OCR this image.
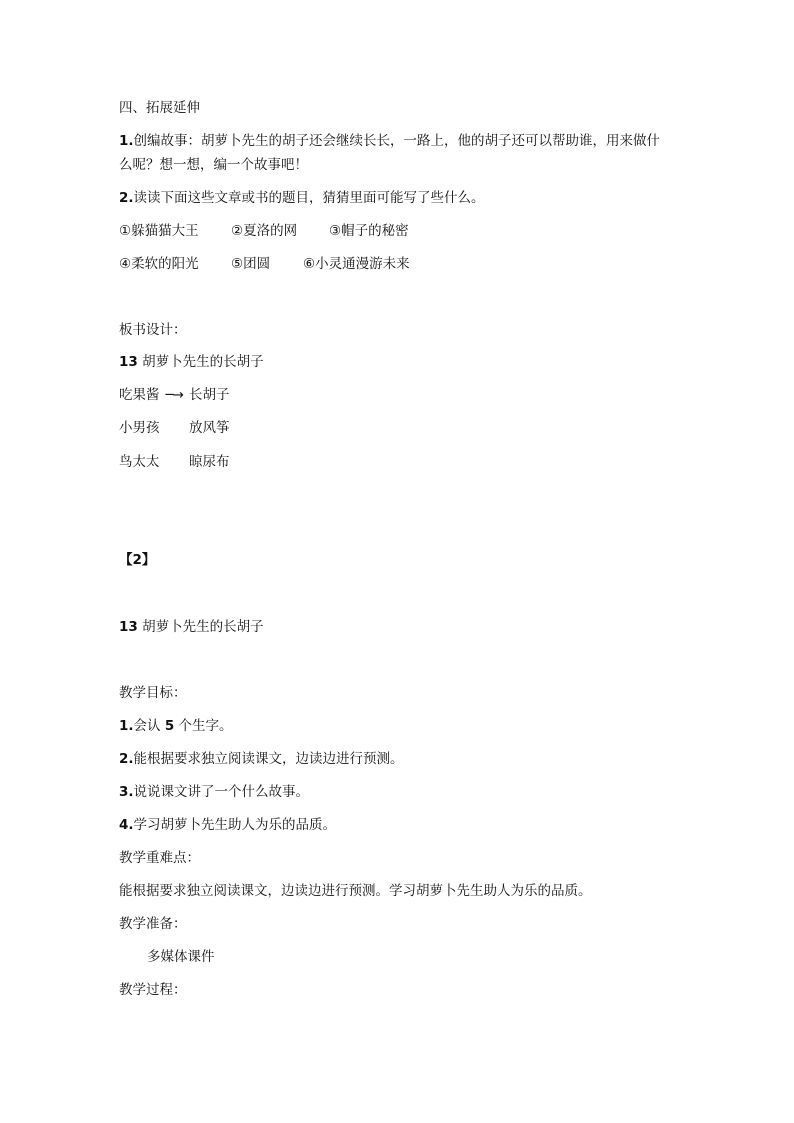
四、拓展延伸
1.创编故事：胡萝卜先生的胡子还会继续长长，一路上，他的胡子还可以帮助谁，用来做什
么呢？想一想，编一个故事吧！
2.读读下面这些文章或书的题目，猜猜里面可能写了些什么。
①躲猫猫大王 ②夏洛的网 ③帽子的秘密
④柔软的阳光 ⑤团圆 ⑥小灵通漫游未来
板书设计：
13 胡萝卜先生的长胡子
吃果酱 ─→ 长胡子
小男孩 放风筝
鸟太太 晾尿布
【2】
13 胡萝卜先生的长胡子
教学目标：
1.会认 5 个生字。
2.能根据要求独立阅读课文，边读边进行预测。
3.说说课文讲了一个什么故事。
4.学习胡萝卜先生助人为乐的品质。
教学重难点：
能根据要求独立阅读课文，边读边进行预测。学习胡萝卜先生助人为乐的品质。
教学准备：
多媒体课件
教学过程：
